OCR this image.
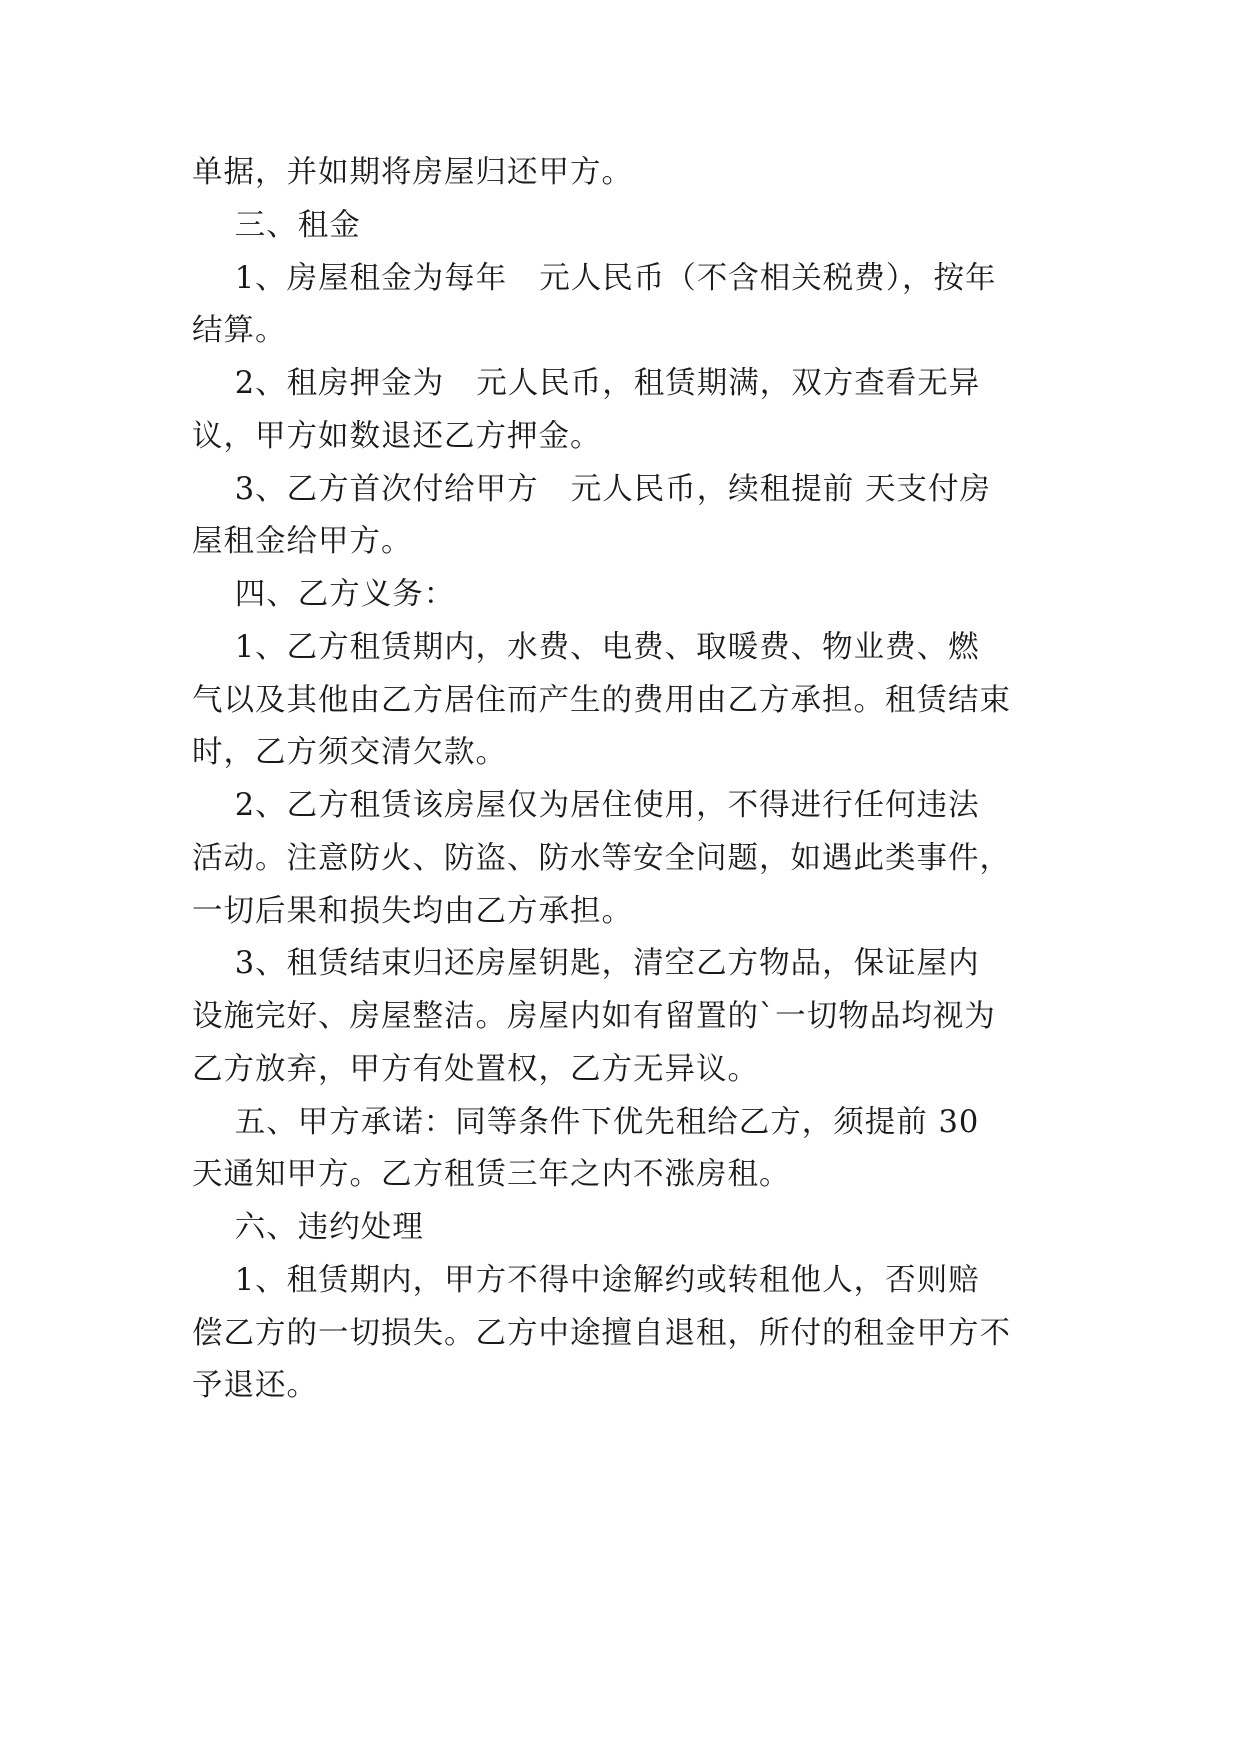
单据，并如期将房屋归还甲方。
三、租金
1、房屋租金为每年   元人民币（不含相关税费），按年
结算。
2、租房押金为   元人民币，租赁期满，双方查看无异
议，甲方如数退还乙方押金。
3、乙方首次付给甲方   元人民币，续租提前 天支付房
屋租金给甲方。
四、乙方义务：
1、乙方租赁期内，水费、电费、取暖费、物业费、燃
气以及其他由乙方居住而产生的费用由乙方承担。租赁结束
时，乙方须交清欠款。
2、乙方租赁该房屋仅为居住使用，不得进行任何违法
活动。注意防火、防盗、防水等安全问题，如遇此类事件，
一切后果和损失均由乙方承担。
3、租赁结束归还房屋钥匙，清空乙方物品，保证屋内
设施完好、房屋整洁。房屋内如有留置的`一切物品均视为
乙方放弃，甲方有处置权，乙方无异议。
五、甲方承诺：同等条件下优先租给乙方，须提前 30
天通知甲方。乙方租赁三年之内不涨房租。
六、违约处理
1、租赁期内，甲方不得中途解约或转租他人，否则赔
偿乙方的一切损失。乙方中途擅自退租，所付的租金甲方不
予退还。
